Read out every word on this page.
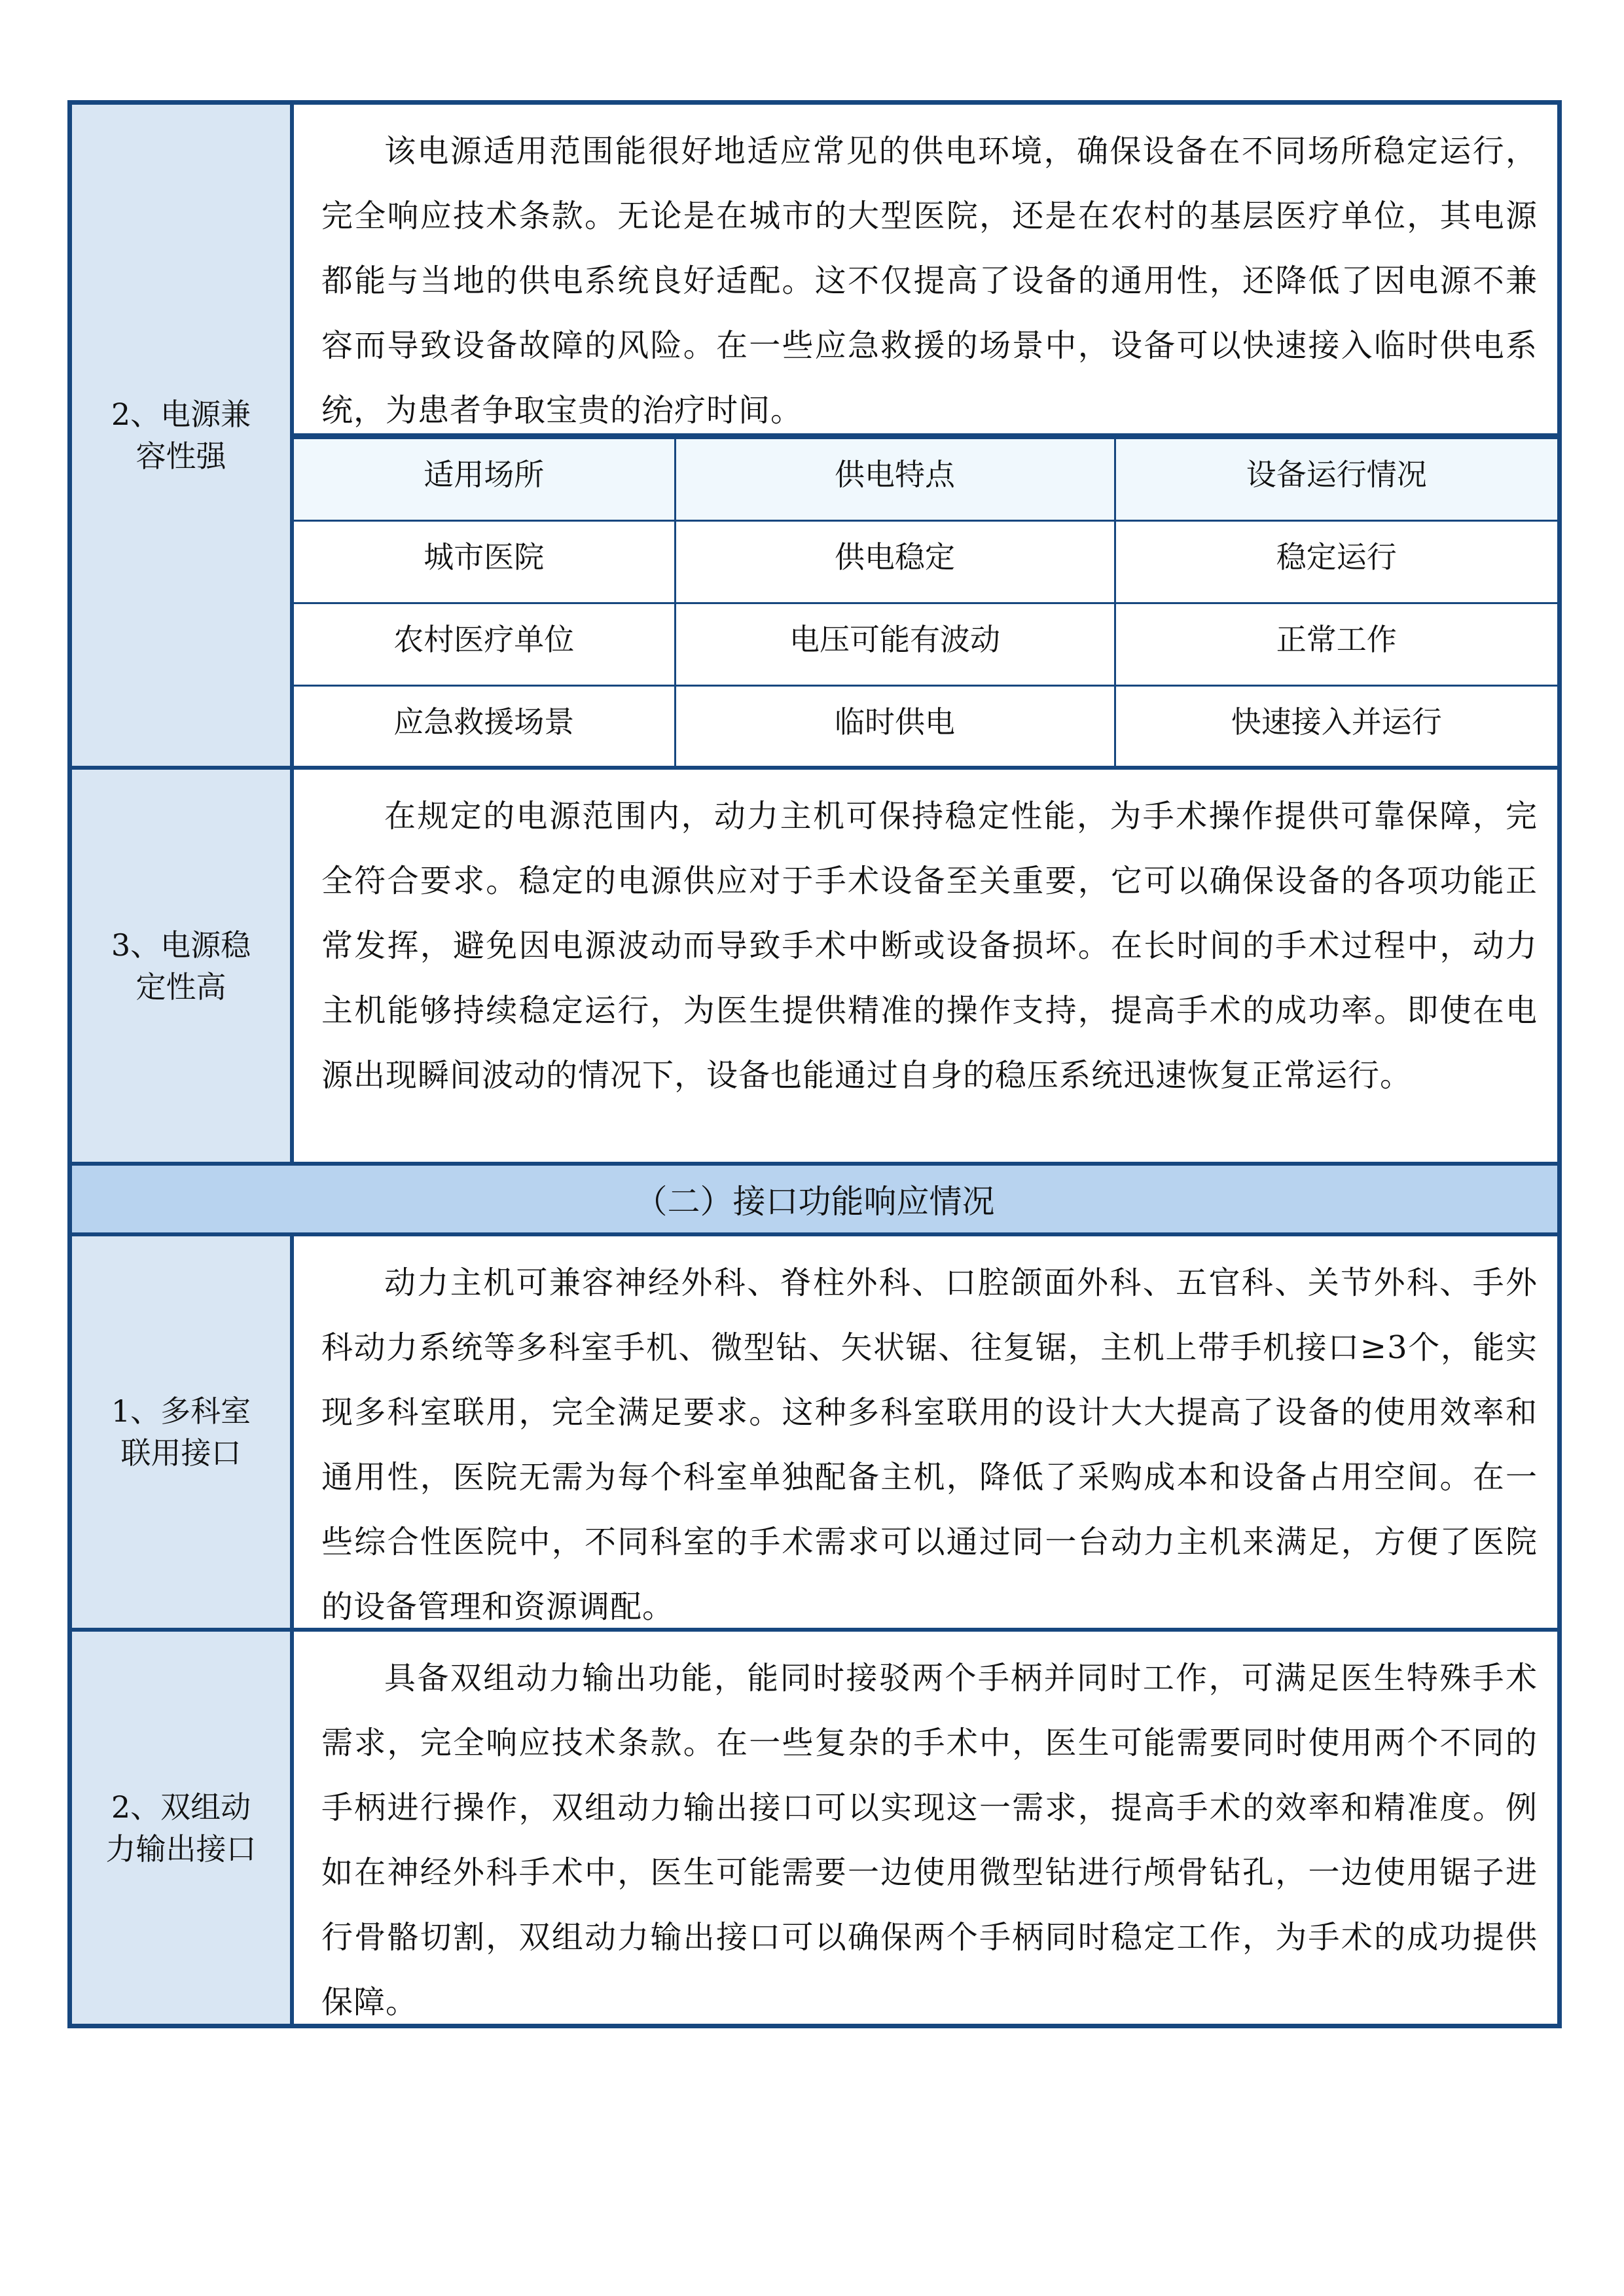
2、电源兼容性强

该电源适用范围能很好地适应常见的供电环境，确保设备在不同场所稳定运行，完全响应技术条款。无论是在城市的大型医院，还是在农村的基层医疗单位，其电源都能与当地的供电系统良好适配。这不仅提高了设备的通用性，还降低了因电源不兼容而导致设备故障的风险。在一些应急救援的场景中，设备可以快速接入临时供电系统，为患者争取宝贵的治疗时间。

适用场所	供电特点	设备运行情况
城市医院	供电稳定	稳定运行
农村医疗单位	电压可能有波动	正常工作
应急救援场景	临时供电	快速接入并运行
3、电源稳定性高

在规定的电源范围内，动力主机可保持稳定性能，为手术操作提供可靠保障，完全符合要求。稳定的电源供应对于手术设备至关重要，它可以确保设备的各项功能正常发挥，避免因电源波动而导致手术中断或设备损坏。在长时间的手术过程中，动力主机能够持续稳定运行，为医生提供精准的操作支持，提高手术的成功率。即使在电源出现瞬间波动的情况下，设备也能通过自身的稳压系统迅速恢复正常运行。

（二）接口功能响应情况
1、多科室联用接口

动力主机可兼容神经外科、脊柱外科、口腔颌面外科、五官科、关节外科、手外科动力系统等多科室手机、微型钻、矢状锯、往复锯，主机上带手机接口≥3个，能实现多科室联用，完全满足要求。这种多科室联用的设计大大提高了设备的使用效率和通用性，医院无需为每个科室单独配备主机，降低了采购成本和设备占用空间。在一些综合性医院中，不同科室的手术需求可以通过同一台动力主机来满足，方便了医院的设备管理和资源调配。

2、双组动力输出接口

具备双组动力输出功能，能同时接驳两个手柄并同时工作，可满足医生特殊手术需求，完全响应技术条款。在一些复杂的手术中，医生可能需要同时使用两个不同的手柄进行操作，双组动力输出接口可以实现这一需求，提高手术的效率和精准度。例如在神经外科手术中，医生可能需要一边使用微型钻进行颅骨钻孔，一边使用锯子进行骨骼切割，双组动力输出接口可以确保两个手柄同时稳定工作，为手术的成功提供保障。
